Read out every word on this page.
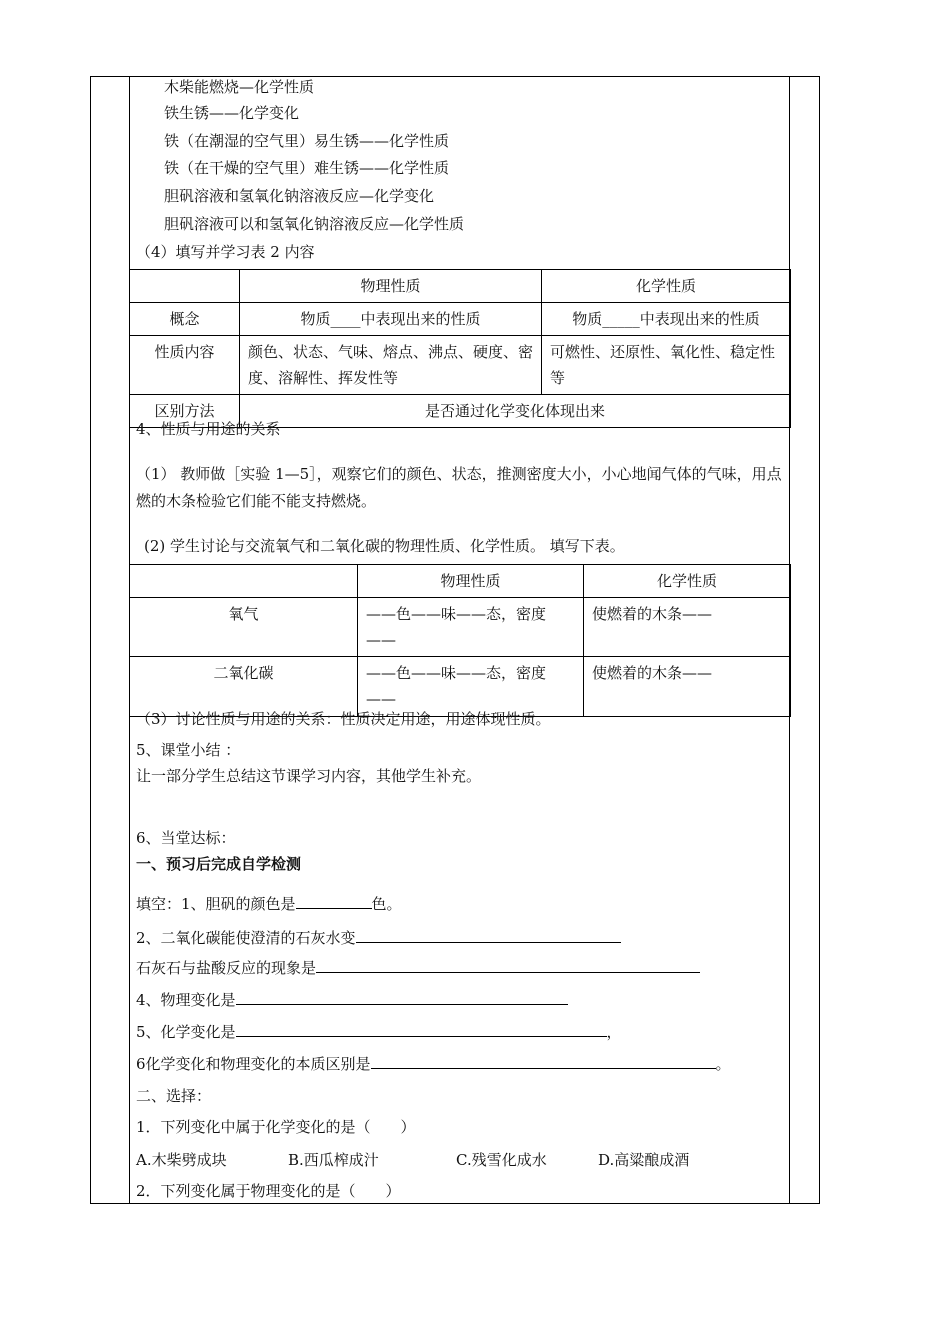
木柴能燃烧—化学性质
铁生锈——化学变化
铁（在潮湿的空气里）易生锈——化学性质
铁（在干燥的空气里）难生锈——化学性质
胆矾溶液和氢氧化钠溶液反应—化学变化
胆矾溶液可以和氢氧化钠溶液反应—化学性质
（4）填写并学习表 2 内容
	物理性质	化学性质
概念	物质____中表现出来的性质	物质_____中表现出来的性质
性质内容	颜色、状态、气味、熔点、沸点、硬度、密度、溶解性、挥发性等	可燃性、还原性、氧化性、稳定性等
区别方法	是否通过化学变化体现出来	
4、性质与用途的关系
（1） 教师做［实验 1—5］，观察它们的颜色、状态，推测密度大小，小心地闻气体的气味，用点燃的木条检验它们能不能支持燃烧。
(2) 学生讨论与交流氧气和二氧化碳的物理性质、化学性质。 填写下表。
	物理性质	化学性质
氧气	——色——味——态，密度——	使燃着的木条——
二氧化碳	——色——味——态，密度——	使燃着的木条——
（3）讨论性质与用途的关系：性质决定用途，用途体现性质。
5、课堂小结 ：
让一部分学生总结这节课学习内容，其他学生补充。
6、当堂达标：
一、预习后完成自学检测
填空：1、胆矾的颜色是	色。
2、二氧化碳能使澄清的石灰水变
石灰石与盐酸反应的现象是
4、物理变化是
5、化学变化是	，
6化学变化和物理变化的本质区别是	。
二、选择：
1．下列变化中属于化学变化的是（　　）
A.木柴劈成块	B.西瓜榨成汁	C.残雪化成水	D.高粱酿成酒
2．下列变化属于物理变化的是（　　）
